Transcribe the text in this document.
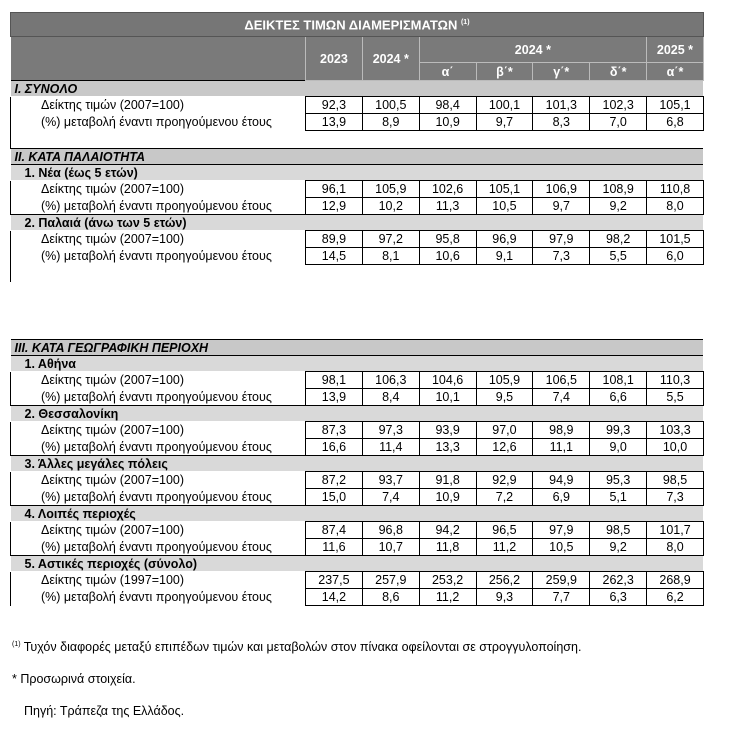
ΔΕΙΚΤΕΣ ΤΙΜΩΝ ΔΙΑΜΕΡΙΣΜΑΤΩΝ $^{(1)}$
	2023	2024 *	2024 *				2025 *
			α΄	β΄*	γ΄*	δ΄*	α΄*
Ι. ΣΥΝΟΛΟ							
Δείκτης τιμών (2007=100)	92,3	100,5	98,4	100,1	101,3	102,3	105,1
(%) μεταβολή έναντι προηγούμενου έτους	13,9	8,9	10,9	9,7	8,3	7,0	6,8

ΙΙ. ΚΑΤΑ ΠΑΛΑΙΟΤΗΤΑ							
1. Νέα (έως 5 ετών)							
Δείκτης τιμών (2007=100)	96,1	105,9	102,6	105,1	106,9	108,9	110,8
(%) μεταβολή έναντι προηγούμενου έτους	12,9	10,2	11,3	10,5	9,7	9,2	8,0
2. Παλαιά (άνω των 5 ετών)							
Δείκτης τιμών (2007=100)	89,9	97,2	95,8	96,9	97,9	98,2	101,5
(%) μεταβολή έναντι προηγούμενου έτους	14,5	8,1	10,6	9,1	7,3	5,5	6,0

ΙΙΙ. ΚΑΤΑ ΓΕΩΓΡΑΦΙΚΗ ΠΕΡΙΟΧΗ							
1. Αθήνα							
Δείκτης τιμών (2007=100)	98,1	106,3	104,6	105,9	106,5	108,1	110,3
(%) μεταβολή έναντι προηγούμενου έτους	13,9	8,4	10,1	9,5	7,4	6,6	5,5
2. Θεσσαλονίκη							
Δείκτης τιμών (2007=100)	87,3	97,3	93,9	97,0	98,9	99,3	103,3
(%) μεταβολή έναντι προηγούμενου έτους	16,6	11,4	13,3	12,6	11,1	9,0	10,0
3. Άλλες μεγάλες πόλεις							
Δείκτης τιμών (2007=100)	87,2	93,7	91,8	92,9	94,9	95,3	98,5
(%) μεταβολή έναντι προηγούμενου έτους	15,0	7,4	10,9	7,2	6,9	5,1	7,3
4. Λοιπές περιοχές							
Δείκτης τιμών (2007=100)	87,4	96,8	94,2	96,5	97,9	98,5	101,7
(%) μεταβολή έναντι προηγούμενου έτους	11,6	10,7	11,8	11,2	10,5	9,2	8,0
5. Αστικές περιοχές (σύνολο)							
Δείκτης τιμών (1997=100)	237,5	257,9	253,2	256,2	259,9	262,3	268,9
(%) μεταβολή έναντι προηγούμενου έτους	14,2	8,6	11,2	9,3	7,7	6,3	6,2
$^{(1)}$ Τυχόν διαφορές μεταξύ επιπέδων τιμών και μεταβολών στον πίνακα οφείλονται σε στρογγυλοποίηση.
* Προσωρινά στοιχεία.
Πηγή: Τράπεζα της Ελλάδος.
